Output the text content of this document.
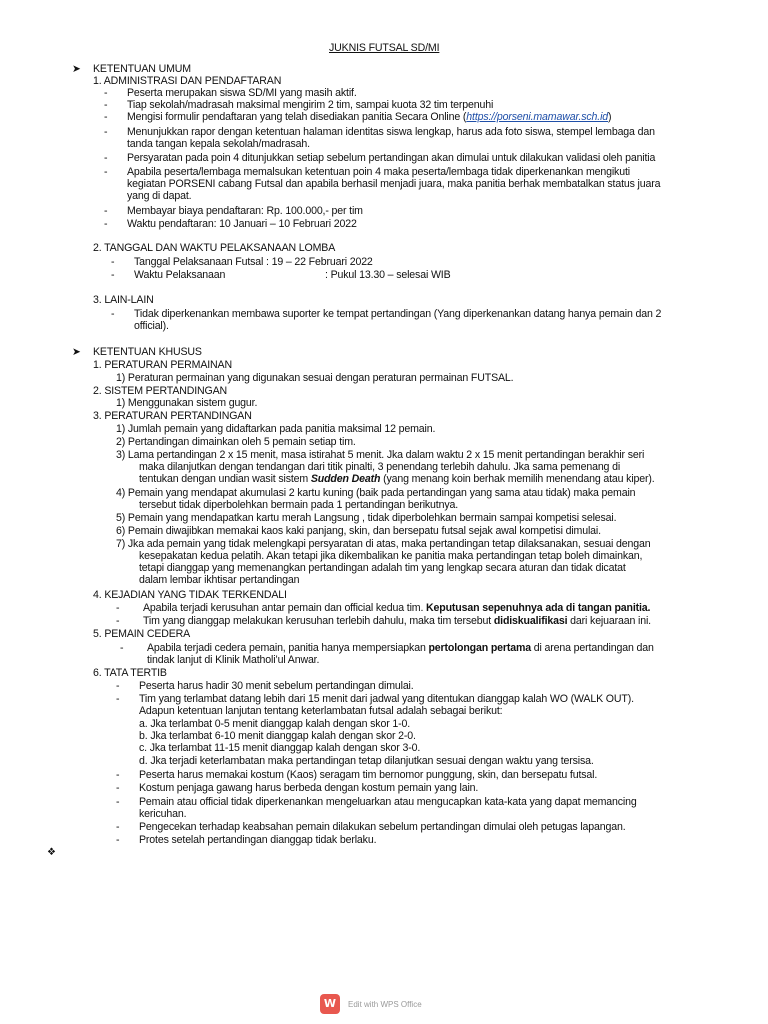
JUKNIS FUTSAL SD/MI
➤ KETENTUAN UMUM
1. ADMINISTRASI DAN PENDAFTARAN
- Peserta merupakan siswa SD/MI yang masih aktif.
- Tiap sekolah/madrasah maksimal mengirim 2 tim, sampai kuota 32 tim terpenuhi
- Mengisi formulir pendaftaran yang telah disediakan panitia Secara Online (https://porseni.mamawar.sch.id)
- Menunjukkan rapor dengan ketentuan halaman identitas siswa lengkap, harus ada foto siswa, stempel lembaga dan
tanda tangan kepala sekolah/madrasah.
- Persyaratan pada poin 4 ditunjukkan setiap sebelum pertandingan akan dimulai untuk dilakukan validasi oleh panitia
- Apabila peserta/lembaga memalsukan ketentuan poin 4 maka peserta/lembaga tidak diperkenankan mengikuti
kegiatan PORSENI cabang Futsal dan apabila berhasil menjadi juara, maka panitia berhak membatalkan status juara
yang di dapat.
- Membayar biaya pendaftaran: Rp. 100.000,- per tim
- Waktu pendaftaran: 10 Januari – 10 Februari 2022
2. TANGGAL DAN WAKTU PELAKSANAAN LOMBA
- Tanggal Pelaksanaan Futsal : 19 – 22 Februari 2022
- Waktu Pelaksanaan	: Pukul 13.30 – selesai WIB
3. LAIN-LAIN
- Tidak diperkenankan membawa suporter ke tempat pertandingan (Yang diperkenankan datang hanya pemain dan 2
official).
➤ KETENTUAN KHUSUS
1. PERATURAN PERMAINAN
1) Peraturan permainan yang digunakan sesuai dengan peraturan permainan FUTSAL.
2. SISTEM PERTANDINGAN
1) Menggunakan sistem gugur.
3. PERATURAN PERTANDINGAN
1) Jumlah pemain yang didaftarkan pada panitia maksimal 12 pemain.
2) Pertandingan dimainkan oleh 5 pemain setiap tim.
3) Lama pertandingan 2 x 15 menit, masa istirahat 5 menit. Jka dalam waktu 2 x 15 menit pertandingan berakhir seri
maka dilanjutkan dengan tendangan dari titik pinalti, 3 penendang terlebih dahulu. Jka sama pemenang di
tentukan dengan undian wasit sistem Sudden Death (yang menang koin berhak memilih menendang atau kiper).
4) Pemain yang mendapat akumulasi 2 kartu kuning (baik pada pertandingan yang sama atau tidak) maka pemain
tersebut tidak diperbolehkan bermain pada 1 pertandingan berikutnya.
5) Pemain yang mendapatkan kartu merah Langsung , tidak diperbolehkan bermain sampai kompetisi selesai.
6) Pemain diwajibkan memakai kaos kaki panjang, skin, dan bersepatu futsal sejak awal kompetisi dimulai.
7) Jka ada pemain yang tidak melengkapi persyaratan di atas, maka pertandingan tetap dilaksanakan, sesuai dengan
kesepakatan kedua pelatih. Akan tetapi jika dikembalikan ke panitia maka pertandingan tetap boleh dimainkan,
tetapi dianggap yang memenangkan pertandingan adalah tim yang lengkap secara aturan dan tidak dicatat
dalam lembar ikhtisar pertandingan
4. KEJADIAN YANG TIDAK TERKENDALI
- Apabila terjadi kerusuhan antar pemain dan official kedua tim. Keputusan sepenuhnya ada di tangan panitia.
- Tim yang dianggap melakukan kerusuhan terlebih dahulu, maka tim tersebut didiskualifikasi dari kejuaraan ini.
5. PEMAIN CEDERA
- Apabila terjadi cedera pemain, panitia hanya mempersiapkan pertolongan pertama di arena pertandingan dan
tindak lanjut di Klinik Matholi’ul Anwar.
6. TATA TERTIB
- Peserta harus hadir 30 menit sebelum pertandingan dimulai.
- Tim yang terlambat datang lebih dari 15 menit dari jadwal yang ditentukan dianggap kalah WO (WALK OUT).
Adapun ketentuan lanjutan tentang keterlambatan futsal adalah sebagai berikut:
a. Jka terlambat 0-5 menit dianggap kalah dengan skor 1-0.
b. Jka terlambat 6-10 menit dianggap kalah dengan skor 2-0.
c. Jka terlambat 11-15 menit dianggap kalah dengan skor 3-0.
d. Jka terjadi keterlambatan maka pertandingan tetap dilanjutkan sesuai dengan waktu yang tersisa.
- Peserta harus memakai kostum (Kaos) seragam tim bernomor punggung, skin, dan bersepatu futsal.
- Kostum penjaga gawang harus berbeda dengan kostum pemain yang lain.
- Pemain atau official tidak diperkenankan mengeluarkan atau mengucapkan kata-kata yang dapat memancing
kericuhan.
- Pengecekan terhadap keabsahan pemain dilakukan sebelum pertandingan dimulai oleh petugas lapangan.
- Protes setelah pertandingan dianggap tidak berlaku.
❖
W
Edit with WPS Office
